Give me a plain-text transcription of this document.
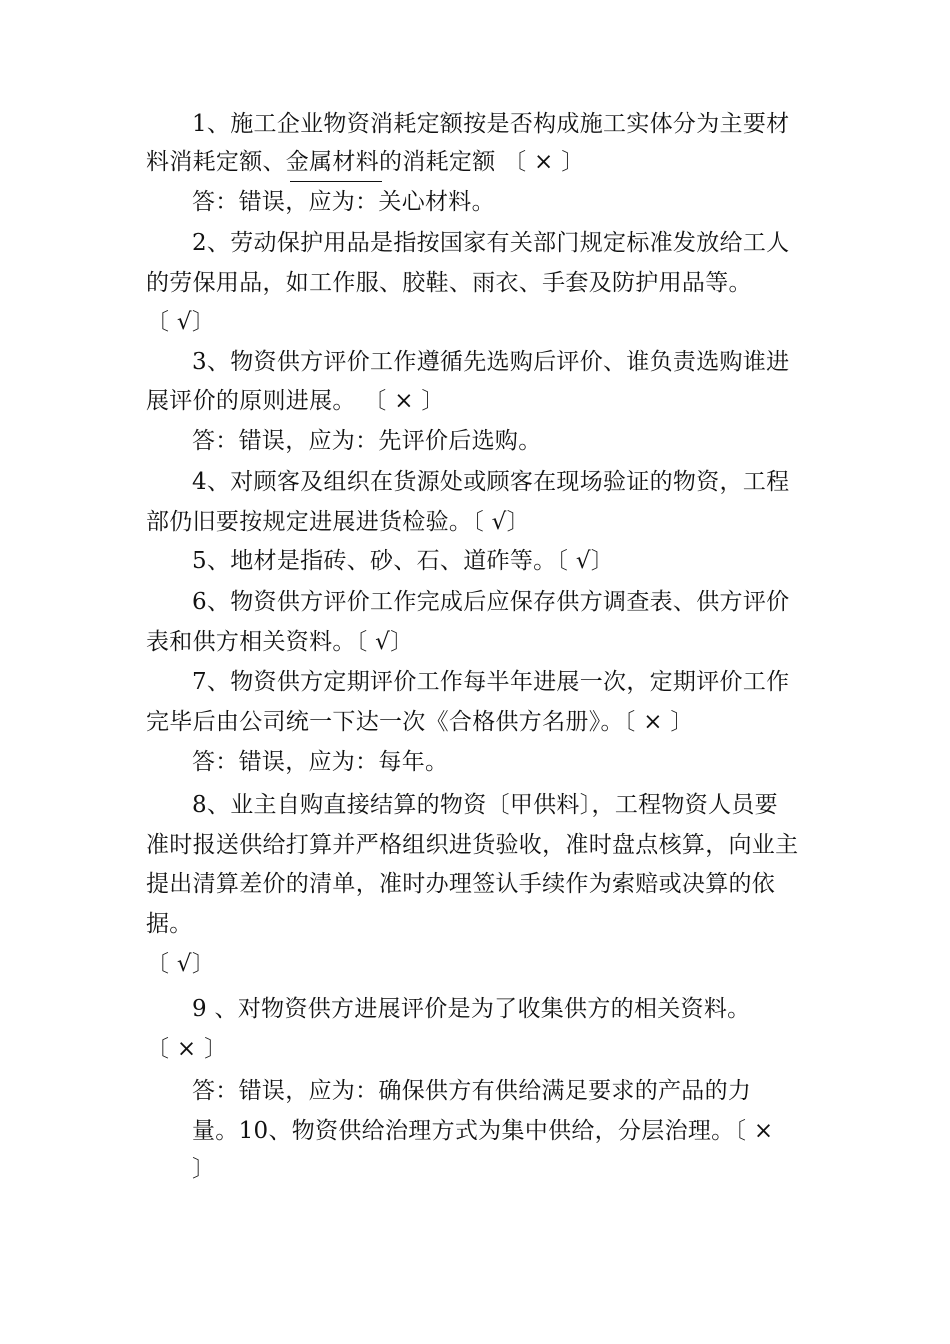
1、施工企业物资消耗定额按是否构成施工实体分为主要材
料消耗定额、金属材料的消耗定额 〔 × 〕
答：错误，应为：关心材料。
2、劳动保护用品是指按国家有关部门规定标准发放给工人
的劳保用品，如工作服、胶鞋、雨衣、手套及防护用品等。
〔 √〕
3、物资供方评价工作遵循先选购后评价、谁负责选购谁进
展评价的原则进展。 〔 × 〕
答：错误，应为：先评价后选购。
4、对顾客及组织在货源处或顾客在现场验证的物资，工程
部仍旧要按规定进展进货检验。〔 √〕
5、地材是指砖、砂、石、道砟等。〔 √〕
6、物资供方评价工作完成后应保存供方调查表、供方评价
表和供方相关资料。〔 √〕
7、物资供方定期评价工作每半年进展一次，定期评价工作
完毕后由公司统一下达一次《合格供方名册》。〔 × 〕
答：错误，应为：每年。
8、业主自购直接结算的物资〔甲供料〕，工程物资人员要
准时报送供给打算并严格组织进货验收，准时盘点核算，向业主
提出清算差价的清单，准时办理签认手续作为索赔或决算的依
据。
〔 √〕
9 、对物资供方进展评价是为了收集供方的相关资料。
〔 × 〕
答：错误，应为：确保供方有供给满足要求的产品的力
量。10、物资供给治理方式为集中供给，分层治理。〔 ×
〕
